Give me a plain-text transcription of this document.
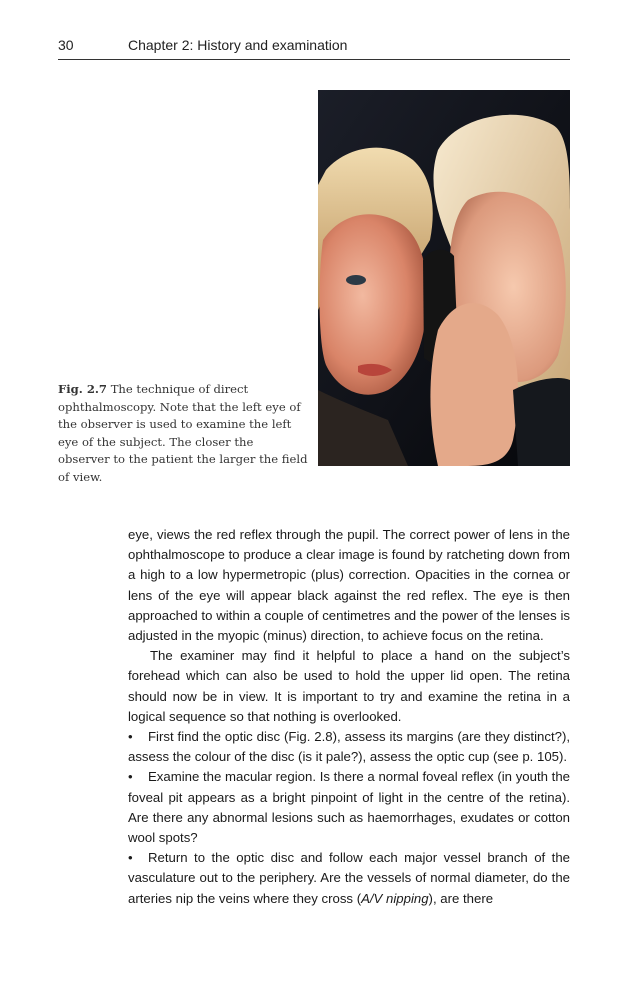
30	Chapter 2: History and examination
Fig. 2.7 The technique of direct ophthalmoscopy. Note that the left eye of the observer is used to examine the left eye of the subject. The closer the observer to the patient the larger the field of view.

eye, views the red reflex through the pupil. The correct power of lens in the ophthalmoscope to produce a clear image is found by ratcheting down from a high to a low hypermetropic (plus) correction. Opacities in the cornea or lens of the eye will appear black against the red reflex. The eye is then approached to within a couple of centimetres and the power of the lenses is adjusted in the myopic (minus) direction, to achieve focus on the retina.

The examiner may find it helpful to place a hand on the subject’s forehead which can also be used to hold the upper lid open. The retina should now be in view. It is important to try and examine the retina in a logical sequence so that nothing is overlooked.

• First find the optic disc (Fig. 2.8), assess its margins (are they distinct?), assess the colour of the disc (is it pale?), assess the optic cup (see p. 105).

• Examine the macular region. Is there a normal foveal reflex (in youth the foveal pit appears as a bright pinpoint of light in the centre of the retina). Are there any abnormal lesions such as haemorrhages, exudates or cotton wool spots?

• Return to the optic disc and follow each major vessel branch of the vasculature out to the periphery. Are the vessels of normal diameter, do the arteries nip the veins where they cross (A/V nipping), are there
